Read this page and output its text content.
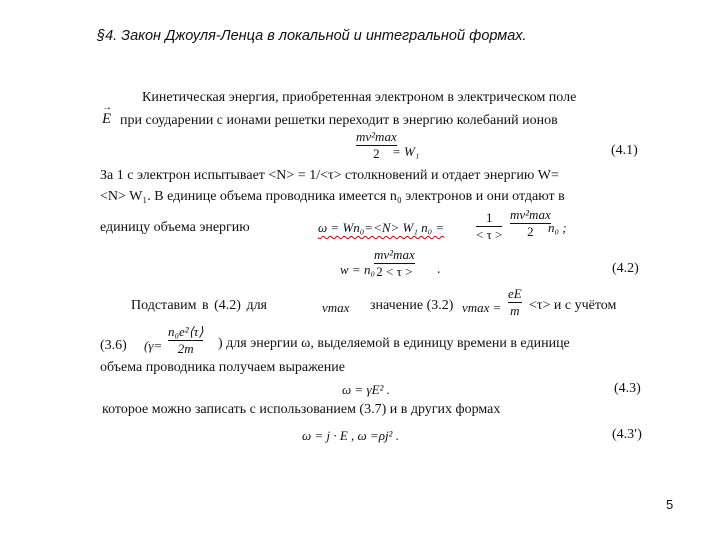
§4. Закон Джоуля-Ленца в локальной и интегральной формах.
Кинетическая энергия, приобретенная электроном в электрическом поле
→
E при соударении с ионами решетки переходит в энергию колебаний ионов
mv²max
2 = W₁	(4.1)
За 1 с электрон испытывает <N> = 1/<τ> столкновений и отдает энергию W=
<N> W₁. В единице объема проводника имеется n₀ электронов и они отдают в
единицу объема энергию	ω = Wn₀=<N> W₁ n₀ =
1
< τ >
mv²max
2 n₀ ;
w = n₀
mv²max
2 < τ > .	(4.2)
Подставим в (4.2) для	vmax значение (3.2) vmax =
eE
m <τ> и с учётом
(3.6) (γ=
n₀e²⟨τ⟩
2m ) для энергии ω, выделяемой в единицу времени в единице
объема проводника получаем выражение
ω = γE² .	(4.3)
которое можно записать с использованием (3.7) и в других формах
ω = j · E , ω =ρj² .	(4.3′)
5
